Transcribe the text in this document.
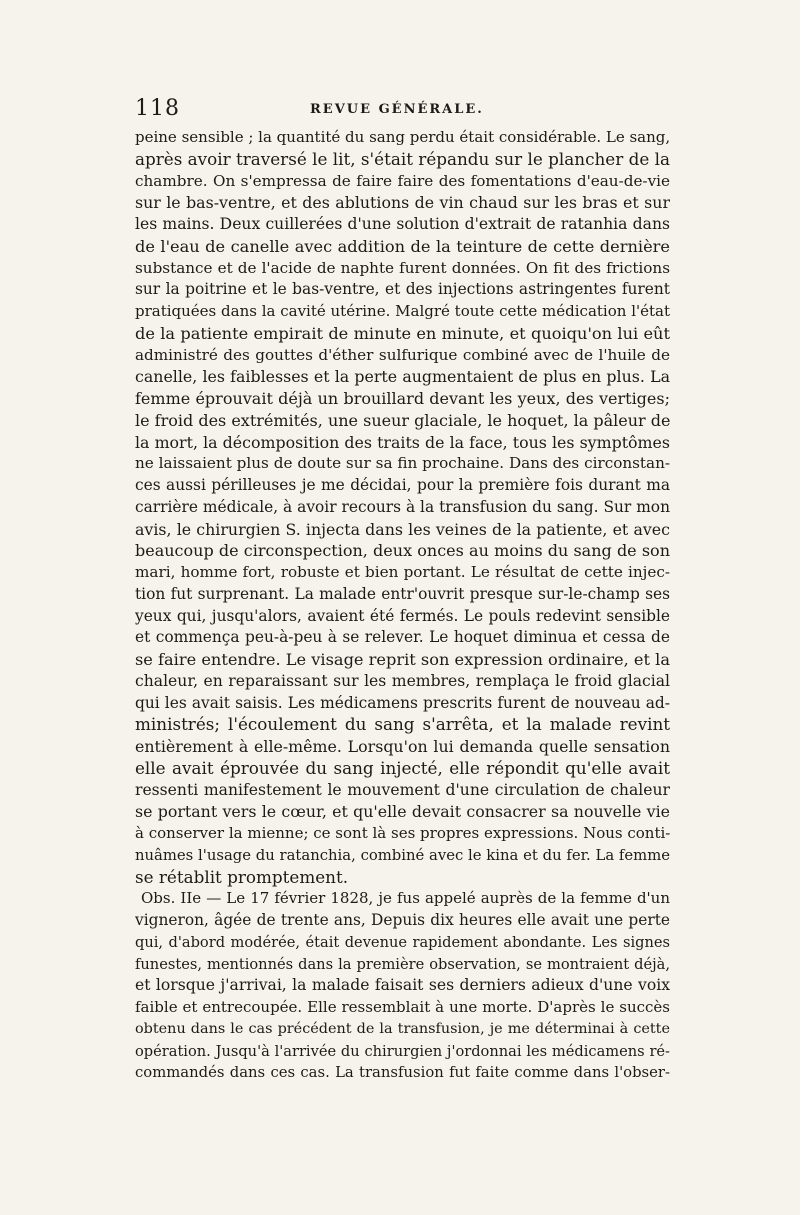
118	REVUE GÉNÉRALE.
peine sensible ; la quantité du sang perdu était considérable. Le sang,
après avoir traversé le lit, s'était répandu sur le plancher de la
chambre. On s'empressa de faire faire des fomentations d'eau-de-vie
sur le bas-ventre, et des ablutions de vin chaud sur les bras et sur
les mains. Deux cuillerées d'une solution d'extrait de ratanhia dans
de l'eau de canelle avec addition de la teinture de cette dernière
substance et de l'acide de naphte furent données. On fit des frictions
sur la poitrine et le bas-ventre, et des injections astringentes furent
pratiquées dans la cavité utérine. Malgré toute cette médication l'état
de la patiente empirait de minute en minute, et quoiqu'on lui eût
administré des gouttes d'éther sulfurique combiné avec de l'huile de
canelle, les faiblesses et la perte augmentaient de plus en plus. La
femme éprouvait déjà un brouillard devant les yeux, des vertiges;
le froid des extrémités, une sueur glaciale, le hoquet, la pâleur de
la mort, la décomposition des traits de la face, tous les symptômes
ne laissaient plus de doute sur sa fin prochaine. Dans des circonstan-
ces aussi périlleuses je me décidai, pour la première fois durant ma
carrière médicale, à avoir recours à la transfusion du sang. Sur mon
avis, le chirurgien S. injecta dans les veines de la patiente, et avec
beaucoup de circonspection, deux onces au moins du sang de son
mari, homme fort, robuste et bien portant. Le résultat de cette injec-
tion fut surprenant. La malade entr'ouvrit presque sur-le-champ ses
yeux qui, jusqu'alors, avaient été fermés. Le pouls redevint sensible
et commença peu-à-peu à se relever. Le hoquet diminua et cessa de
se faire entendre. Le visage reprit son expression ordinaire, et la
chaleur, en reparaissant sur les membres, remplaça le froid glacial
qui les avait saisis. Les médicamens prescrits furent de nouveau ad-
ministrés; l'écoulement du sang s'arrêta, et la malade revint
entièrement à elle-même. Lorsqu'on lui demanda quelle sensation
elle avait éprouvée du sang injecté, elle répondit qu'elle avait
ressenti manifestement le mouvement d'une circulation de chaleur
se portant vers le cœur, et qu'elle devait consacrer sa nouvelle vie
à conserver la mienne; ce sont là ses propres expressions. Nous conti-
nuâmes l'usage du ratanchia, combiné avec le kina et du fer. La femme
se rétablit promptement.
Obs. IIe — Le 17 février 1828, je fus appelé auprès de la femme d'un
vigneron, âgée de trente ans, Depuis dix heures elle avait une perte
qui, d'abord modérée, était devenue rapidement abondante. Les signes
funestes, mentionnés dans la première observation, se montraient déjà,
et lorsque j'arrivai, la malade faisait ses derniers adieux d'une voix
faible et entrecoupée. Elle ressemblait à une morte. D'après le succès
obtenu dans le cas précédent de la transfusion, je me déterminai à cette
opération. Jusqu'à l'arrivée du chirurgien j'ordonnai les médicamens ré-
commandés dans ces cas. La transfusion fut faite comme dans l'obser-
